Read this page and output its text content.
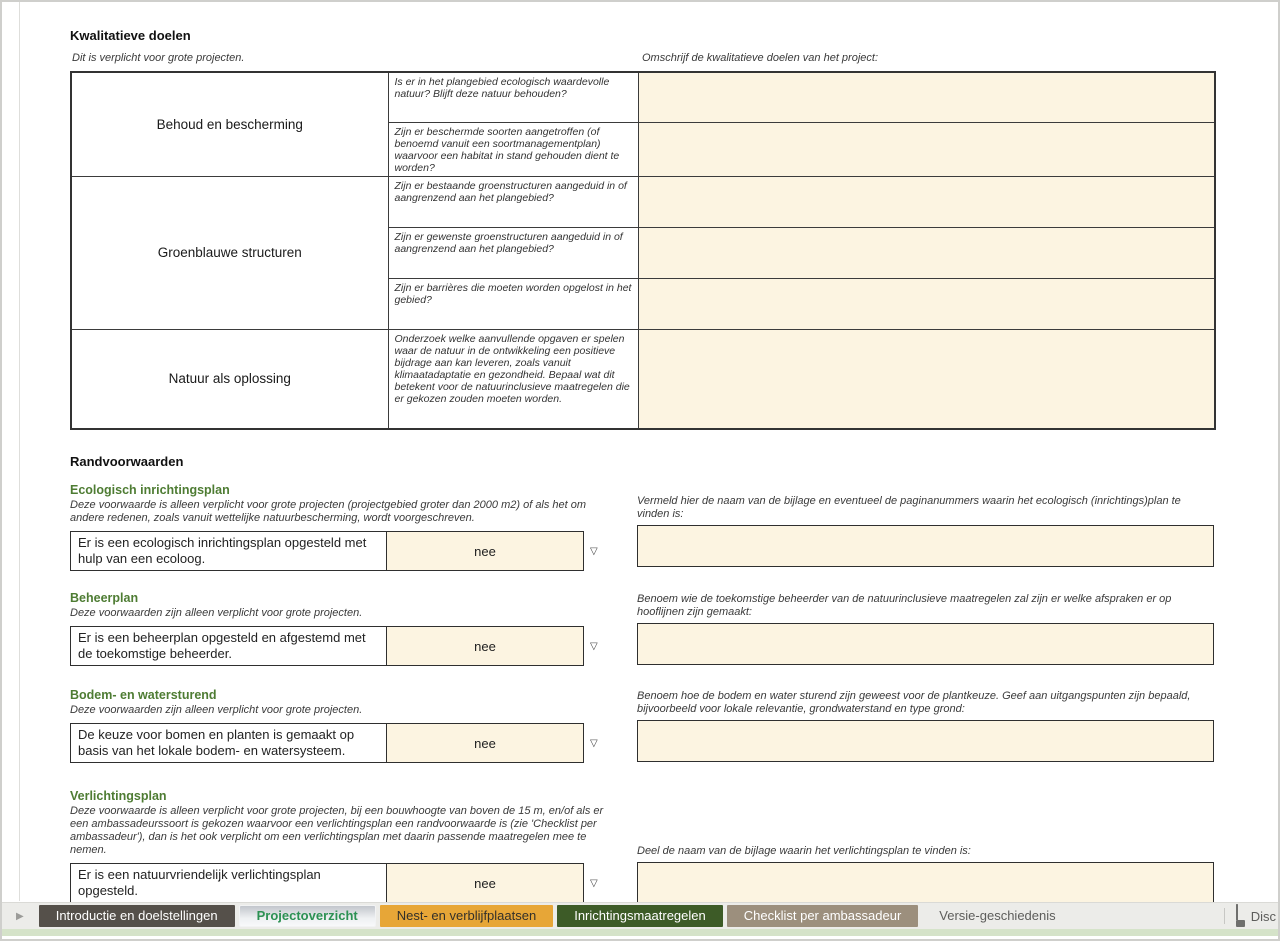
Kwalitatieve doelen
Dit is verplicht voor grote projecten.	Omschrijf de kwalitatieve doelen van het project:
Behoud en bescherming	Is er in het plangebied ecologisch waardevolle natuur? Blijft deze natuur behouden?	
	Zijn er beschermde soorten aangetroffen (of benoemd vanuit een soortmanagementplan) waarvoor een habitat in stand gehouden dient te worden?	
Groenblauwe structuren	Zijn er bestaande groenstructuren aangeduid in of aangrenzend aan het plangebied?	
	Zijn er gewenste groenstructuren aangeduid in of aangrenzend aan het plangebied?	
	Zijn er barrières die moeten worden opgelost in het gebied?	
Natuur als oplossing	Onderzoek welke aanvullende opgaven er spelen waar de natuur in de ontwikkeling een positieve bijdrage aan kan leveren, zoals vanuit klimaatadaptatie en gezondheid. Bepaal wat dit betekent voor de natuurinclusieve maatregelen die er gekozen zouden moeten worden.	
Randvoorwaarden
Ecologisch inrichtingsplan
Deze voorwaarde is alleen verplicht voor grote projecten (projectgebied groter dan 2000 m2) of als het om andere redenen, zoals vanuit wettelijke natuurbescherming, wordt voorgeschreven.
Er is een ecologisch inrichtingsplan opgesteld met hulp van een ecoloog.	nee	▽
Vermeld hier de naam van de bijlage en eventueel de paginanummers waarin het ecologisch (inrichtings)plan te vinden is:
Beheerplan
Deze voorwaarden zijn alleen verplicht voor grote projecten.
Er is een beheerplan opgesteld en afgestemd met de toekomstige beheerder.	nee	▽
Benoem wie de toekomstige beheerder van de natuurinclusieve maatregelen zal zijn er welke afspraken er op hooflijnen zijn gemaakt:
Bodem- en watersturend
Deze voorwaarden zijn alleen verplicht voor grote projecten.
De keuze voor bomen en planten is gemaakt op basis van het lokale bodem- en watersysteem.	nee	▽
Benoem hoe de bodem en water sturend zijn geweest voor de plantkeuze. Geef aan uitgangspunten zijn bepaald, bijvoorbeeld voor lokale relevantie, grondwaterstand en type grond:
Verlichtingsplan
Deze voorwaarde is alleen verplicht voor grote projecten, bij een bouwhoogte van boven de 15 m, en/of als er een ambassadeurssoort is gekozen waarvoor een verlichtingsplan een randvoorwaarde is (zie 'Checklist per ambassadeur'), dan is het ook verplicht om een verlichtingsplan met daarin passende maatregelen mee te nemen.
Er is een natuurvriendelijk verlichtingsplan opgesteld.	nee	▽
Deel de naam van de bijlage waarin het verlichtingsplan te vinden is:
▶	Introductie en doelstellingen	Projectoverzicht	Nest- en verblijfplaatsen	Inrichtingsmaatregelen	Checklist per ambassadeur	Versie-geschiedenis	Disc
